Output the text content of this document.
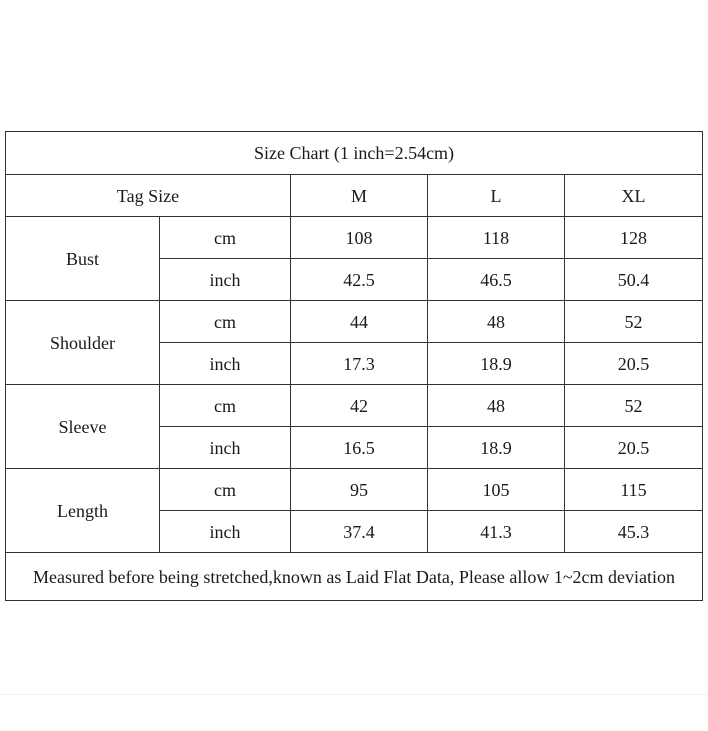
Size Chart (1 inch=2.54cm)				
Tag Size		M	L	XL
Bust	cm	108	118	128
	inch	42.5	46.5	50.4
Shoulder	cm	44	48	52
	inch	17.3	18.9	20.5
Sleeve	cm	42	48	52
	inch	16.5	18.9	20.5
Length	cm	95	105	115
	inch	37.4	41.3	45.3
Measured before being stretched,known as Laid Flat Data, Please allow 1~2cm deviation				
